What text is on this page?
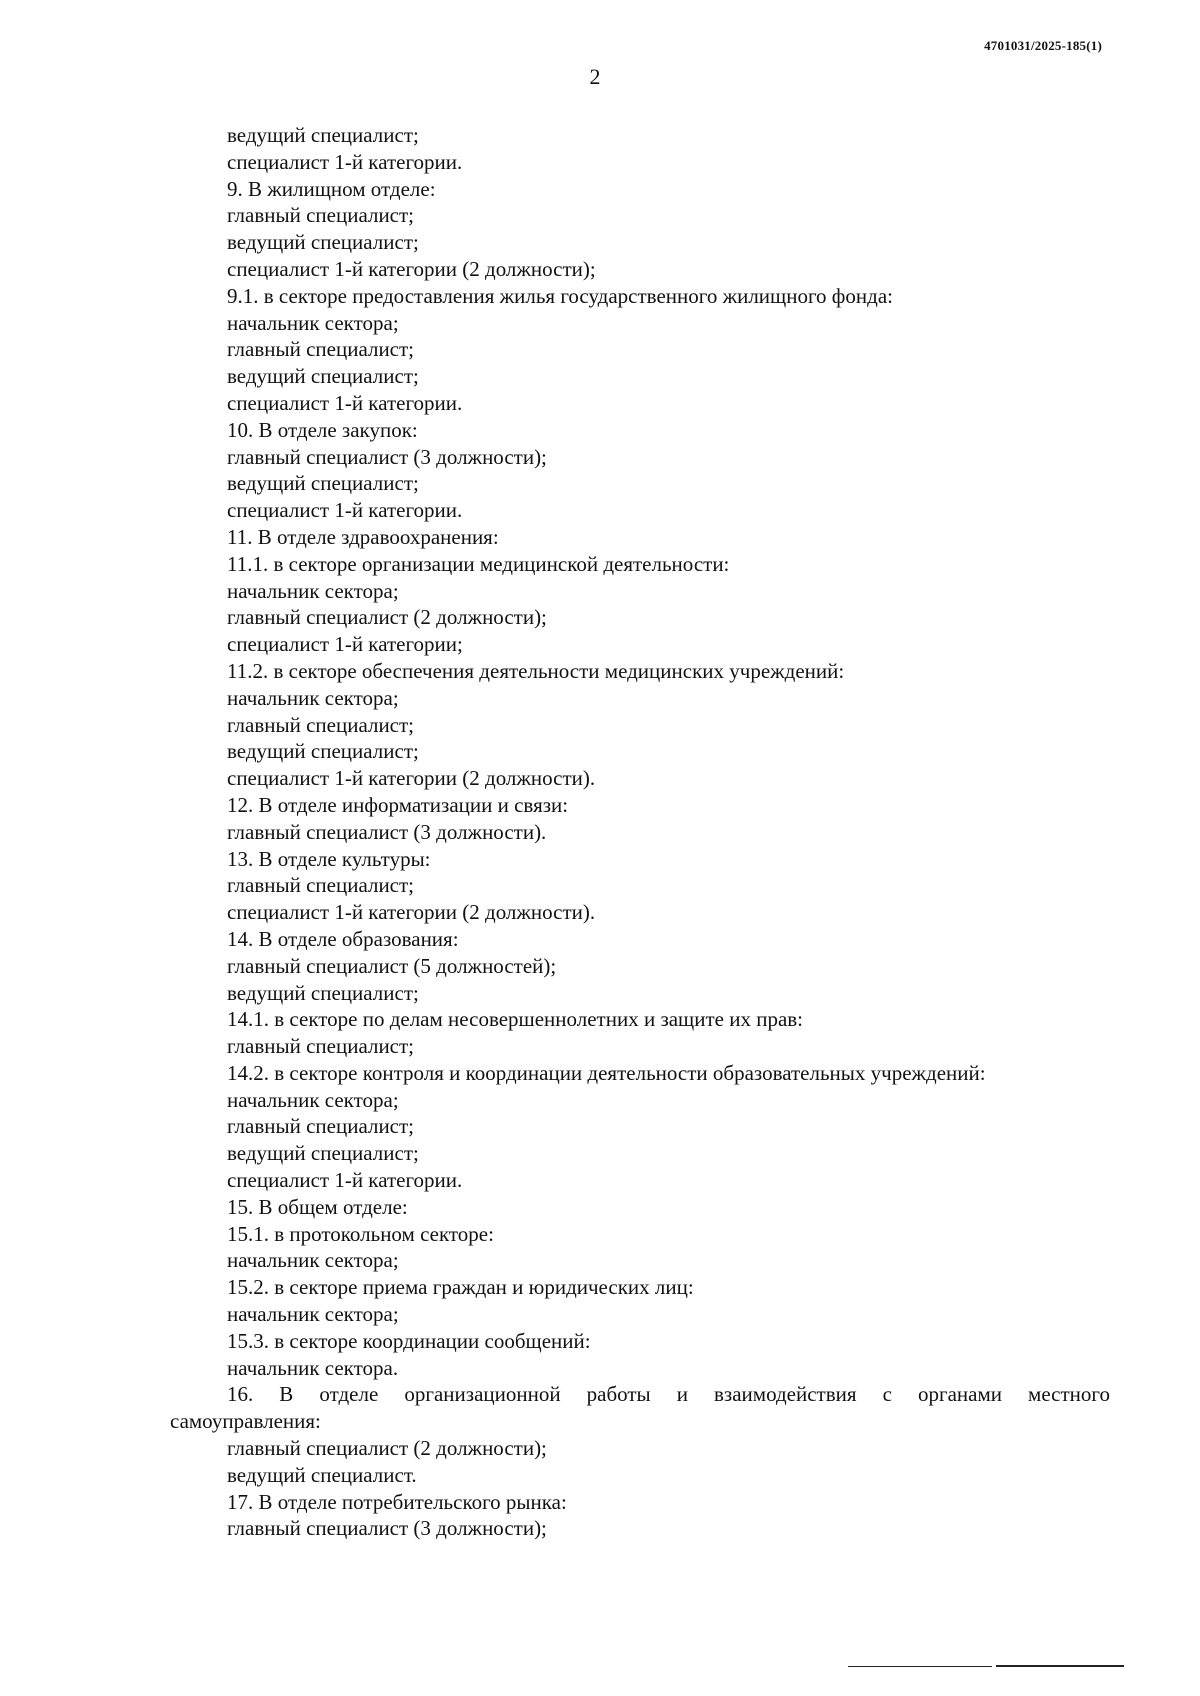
4701031/2025-185(1)
2
ведущий специалист;
специалист 1-й категории.
9. В жилищном отделе:
главный специалист;
ведущий специалист;
специалист 1-й категории (2 должности);
9.1. в секторе предоставления жилья государственного жилищного фонда:
начальник сектора;
главный специалист;
ведущий специалист;
специалист 1-й категории.
10. В отделе закупок:
главный специалист (3 должности);
ведущий специалист;
специалист 1-й категории.
11. В отделе здравоохранения:
11.1. в секторе организации медицинской деятельности:
начальник сектора;
главный специалист (2 должности);
специалист 1-й категории;
11.2. в секторе обеспечения деятельности медицинских учреждений:
начальник сектора;
главный специалист;
ведущий специалист;
специалист 1-й категории (2 должности).
12. В отделе информатизации и связи:
главный специалист (3 должности).
13. В отделе культуры:
главный специалист;
специалист 1-й категории (2 должности).
14. В отделе образования:
главный специалист (5 должностей);
ведущий специалист;
14.1. в секторе по делам несовершеннолетних и защите их прав:
главный специалист;
14.2. в секторе контроля и координации деятельности образовательных учреждений:
начальник сектора;
главный специалист;
ведущий специалист;
специалист 1-й категории.
15. В общем отделе:
15.1. в протокольном секторе:
начальник сектора;
15.2. в секторе приема граждан и юридических лиц:
начальник сектора;
15.3. в секторе координации сообщений:
начальник сектора.
16. В отделе организационной работы и взаимодействия с органами местного
самоуправления:
главный специалист (2 должности);
ведущий специалист.
17. В отделе потребительского рынка:
главный специалист (3 должности);
